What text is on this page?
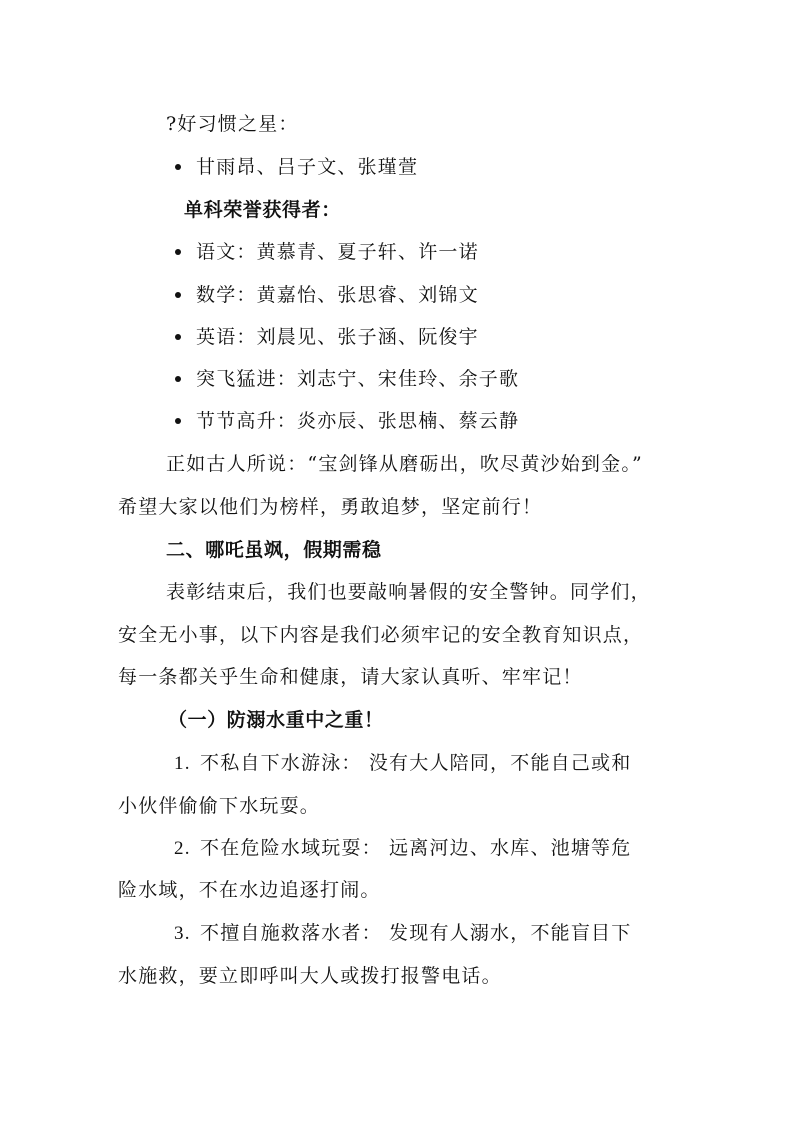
?好习惯之星：
甘雨昂、吕子文、张瑾萱
单科荣誉获得者：
语文：黄慕青、夏子轩、许一诺
数学：黄嘉怡、张思睿、刘锦文
英语：刘晨见、张子涵、阮俊宇
突飞猛进：刘志宁、宋佳玲、余子歌
节节高升：炎亦辰、张思楠、蔡云静
正如古人所说：“宝剑锋从磨砺出，吹尽黄沙始到金。”
希望大家以他们为榜样，勇敢追梦，坚定前行！
二、哪吒虽飒，假期需稳
表彰结束后，我们也要敲响暑假的安全警钟。同学们，
安全无小事，以下内容是我们必须牢记的安全教育知识点，
每一条都关乎生命和健康，请大家认真听、牢牢记！
（一）防溺水重中之重！
1. 不私自下水游泳： 没有大人陪同，不能自己或和
小伙伴偷偷下水玩耍。
2. 不在危险水域玩耍： 远离河边、水库、池塘等危
险水域，不在水边追逐打闹。
3. 不擅自施救落水者： 发现有人溺水，不能盲目下
水施救，要立即呼叫大人或拨打报警电话。
